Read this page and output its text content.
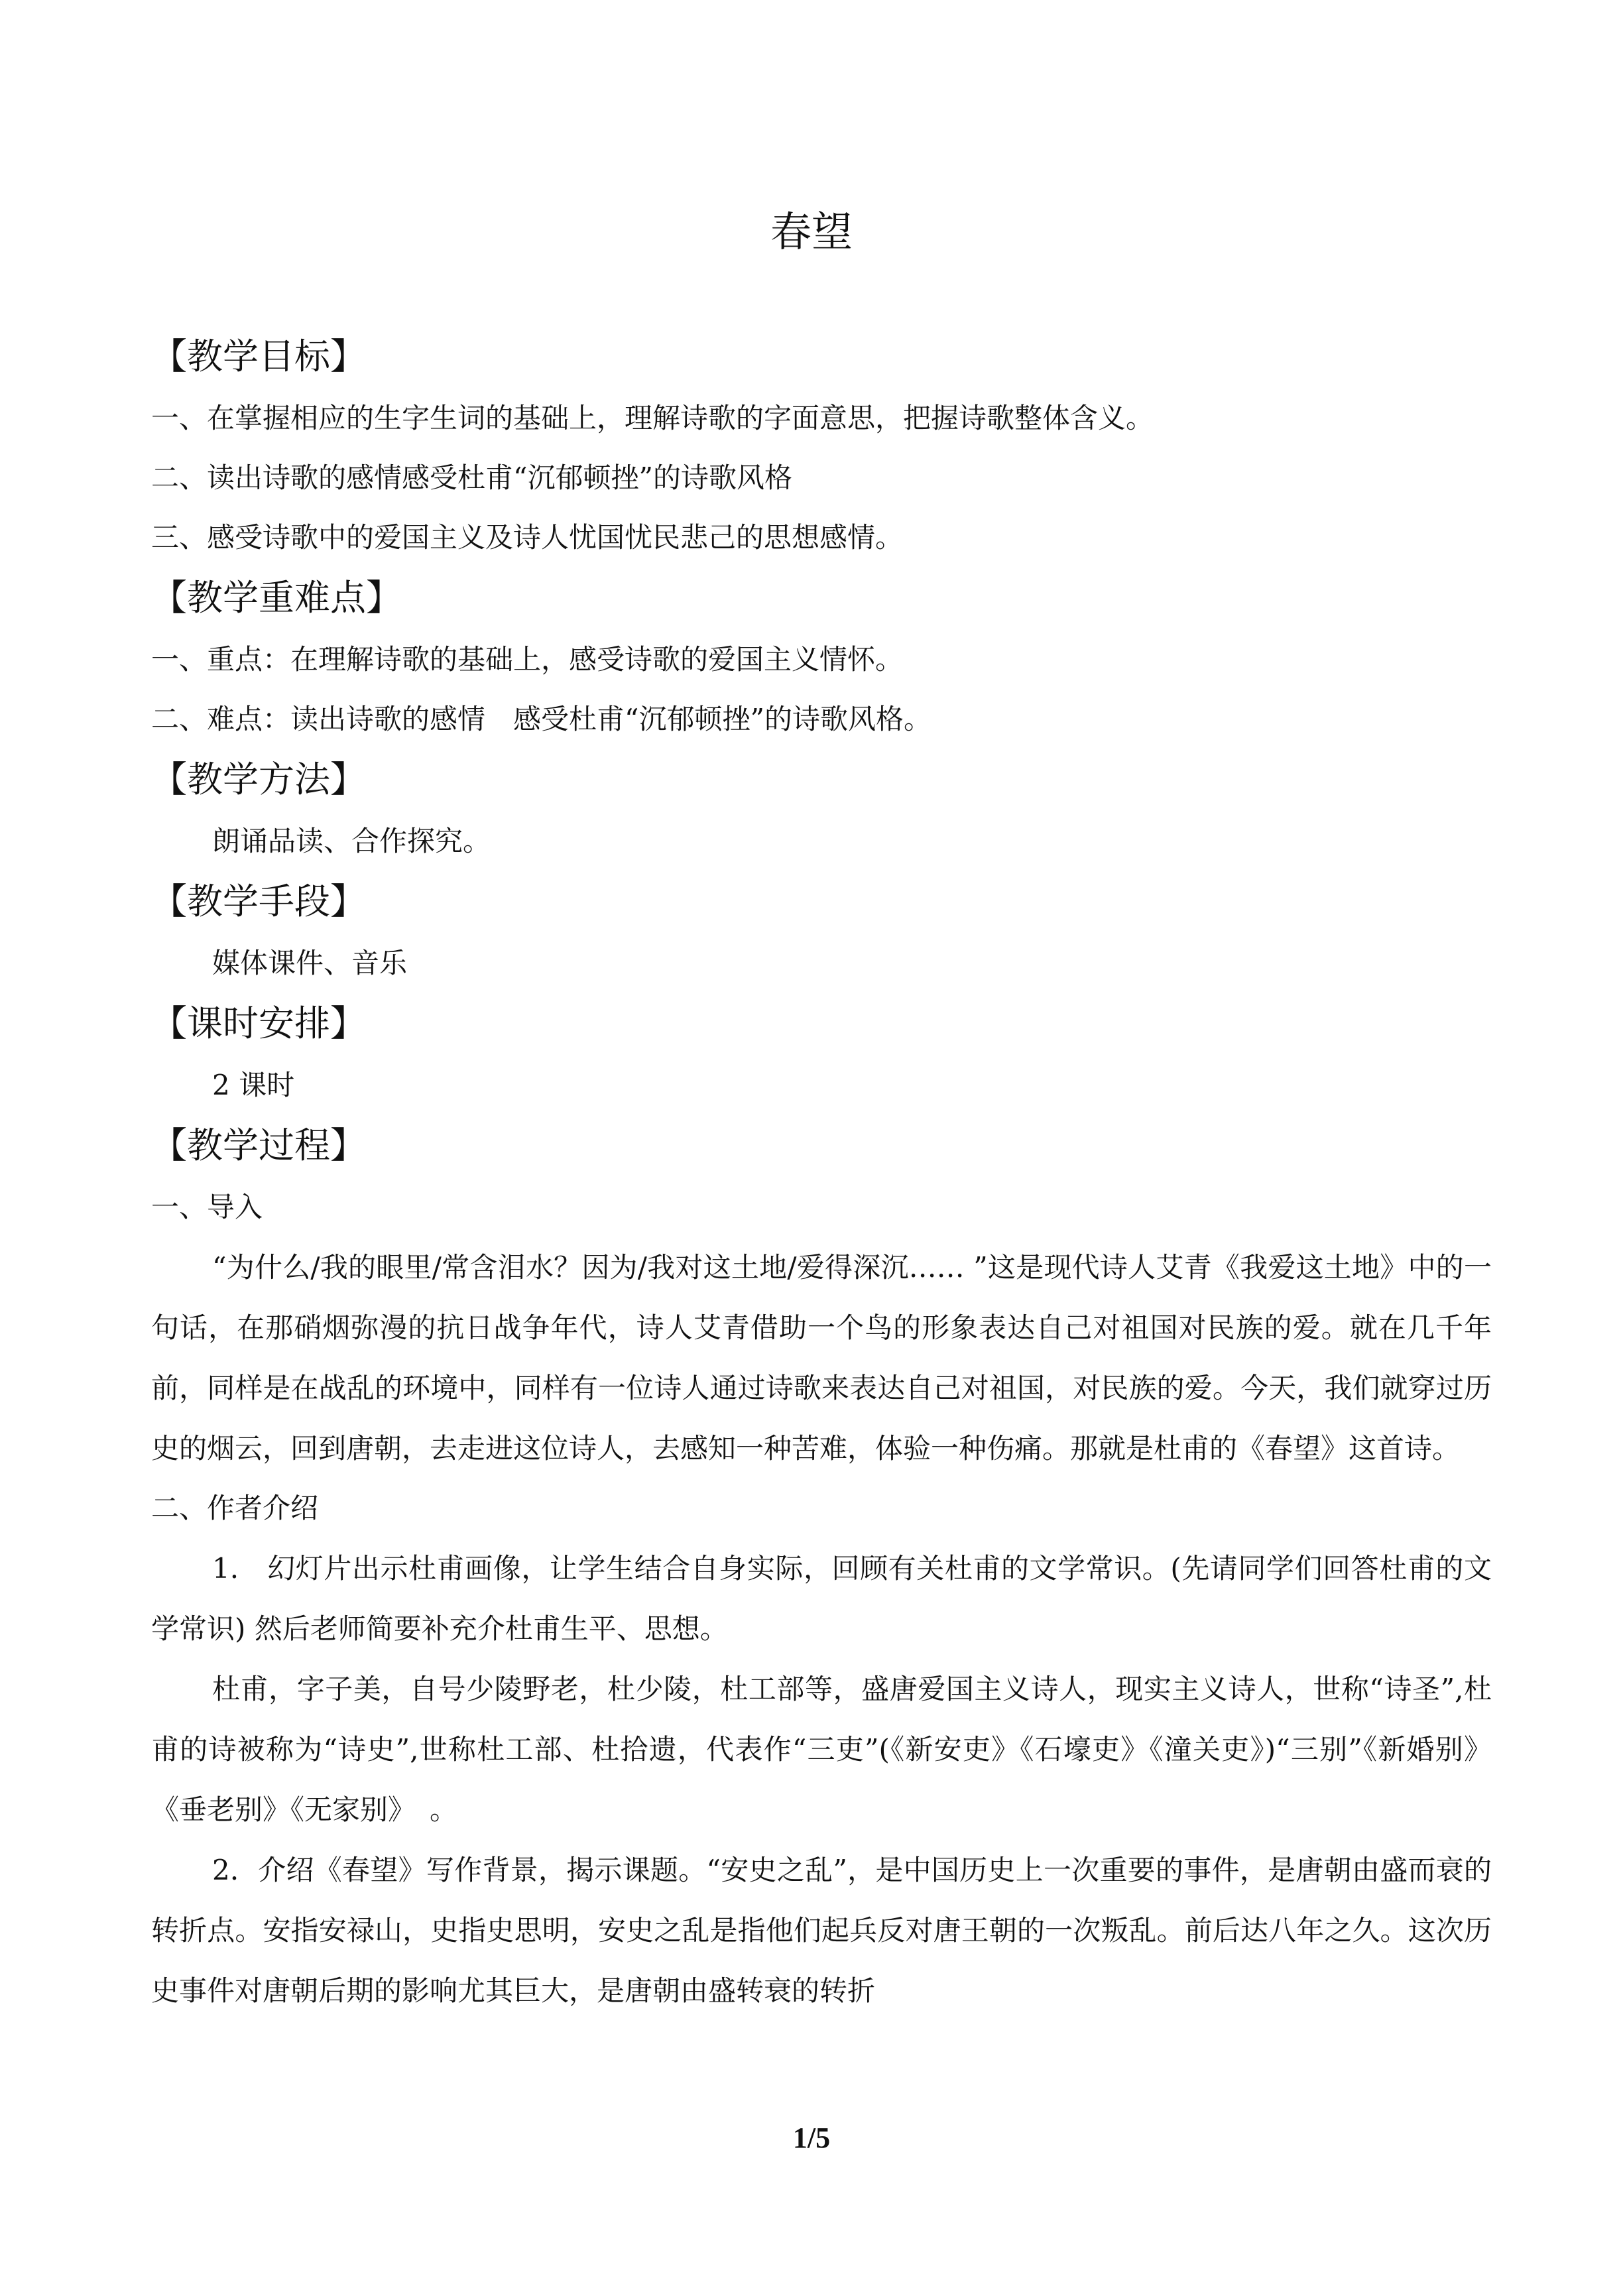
春望
【教学目标】
一、在掌握相应的生字生词的基础上，理解诗歌的字面意思，把握诗歌整体含义。
二、读出诗歌的感情感受杜甫“沉郁顿挫”的诗歌风格
三、感受诗歌中的爱国主义及诗人忧国忧民悲己的思想感情。
【教学重难点】
一、重点：在理解诗歌的基础上，感受诗歌的爱国主义情怀。
二、难点：读出诗歌的感情　感受杜甫“沉郁顿挫”的诗歌风格。
【教学方法】
朗诵品读、合作探究。
【教学手段】
媒体课件、音乐
【课时安排】
2 课时
【教学过程】
一、导入

“为什么/我的眼里/常含泪水？因为/我对这土地/爱得深沉…… ”这是现代诗人艾青《我爱这土地》中的一句话，在那硝烟弥漫的抗日战争年代，诗人艾青借助一个鸟的形象表达自己对祖国对民族的爱。就在几千年前，同样是在战乱的环境中，同样有一位诗人通过诗歌来表达自己对祖国，对民族的爱。今天，我们就穿过历史的烟云，回到唐朝，去走进这位诗人，去感知一种苦难，体验一种伤痛。那就是杜甫的《春望》这首诗。

二、作者介绍

1.　幻灯片出示杜甫画像，让学生结合自身实际，回顾有关杜甫的文学常识。(先请同学们回答杜甫的文学常识) 然后老师简要补充介杜甫生平、思想。

杜甫，字子美，自号少陵野老，杜少陵，杜工部等，盛唐爱国主义诗人，现实主义诗人，世称“诗圣”,杜甫的诗被称为“诗史”,世称杜工部、杜拾遗，代表作“三吏”(《新安吏》《石壕吏》《潼关吏》)“三别”《新婚别》《垂老别》《无家别》　。

2．介绍《春望》写作背景，揭示课题。“安史之乱”，是中国历史上一次重要的事件，是唐朝由盛而衰的转折点。安指安禄山，史指史思明，安史之乱是指他们起兵反对唐王朝的一次叛乱。前后达八年之久。这次历史事件对唐朝后期的影响尤其巨大，是唐朝由盛转衰的转折

1/5
